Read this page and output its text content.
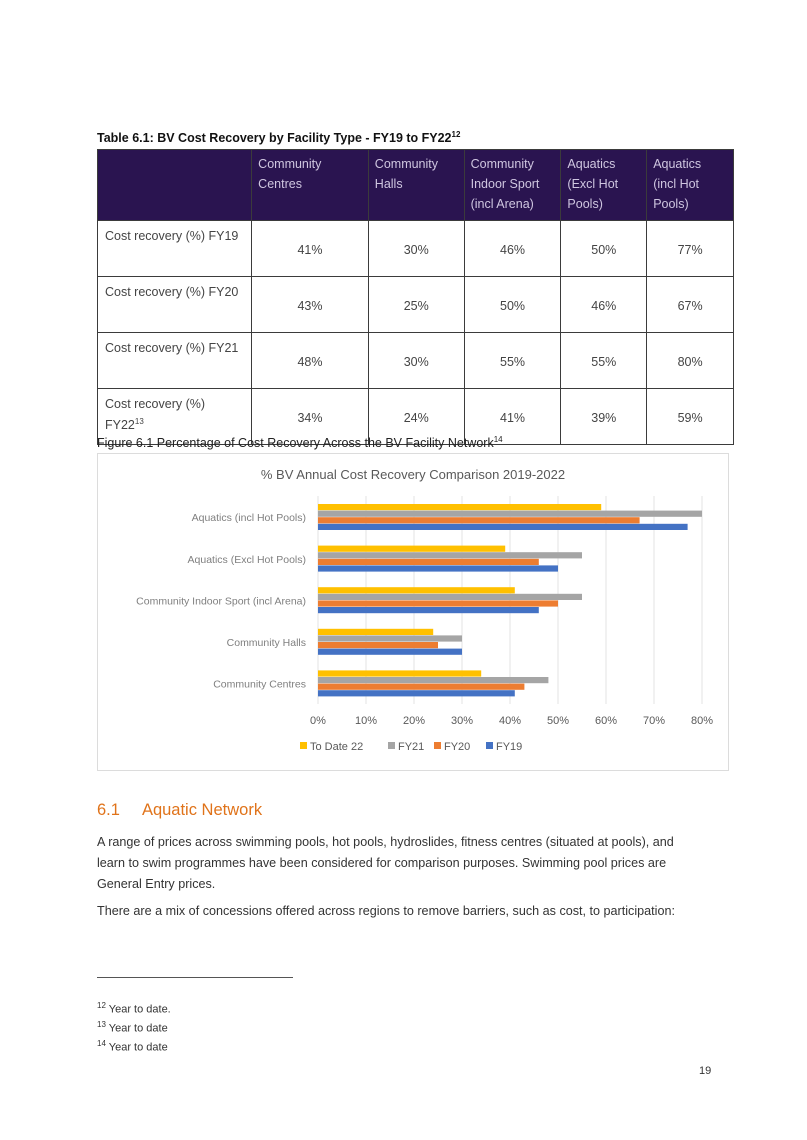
Table 6.1: BV Cost Recovery by Facility Type - FY19 to $FY22^{12}$
	Community Centres	Community Halls	Community Indoor Sport (incl Arena)	Aquatics (Excl Hot Pools)	Aquatics (incl Hot Pools)
Cost recovery (%) FY19	41%	30%	46%	50%	77%
Cost recovery (%) FY20	43%	25%	50%	46%	67%
Cost recovery (%) FY21	48%	30%	55%	55%	80%
Cost recovery (%) $FY22^{13}$	34%	24%	41%	39%	59%
Figure 6.1 Percentage of Cost Recovery Across the BV Facility Network$^{14}$
% BV Annual Cost Recovery Comparison 2019-2022
0%	10% 20% 30% 40% 50% 60% 70% 80%
Aquatics (incl Hot Pools)
Aquatics (Excl Hot Pools)
Community Indoor Sport (incl Arena)
Community Halls
Community Centres
To Date 22	FY21 FY20 FY19
6.1 Aquatic Network
A range of prices across swimming pools, hot pools, hydroslides, fitness centres (situated at pools), and learn to swim programmes have been considered for comparison purposes. Swimming pool prices are General Entry prices.
There are a mix of concessions offered across regions to remove barriers, such as cost, to participation:
$^{12}$ Year to date.
$^{13}$ Year to date
$^{14}$ Year to date
19
